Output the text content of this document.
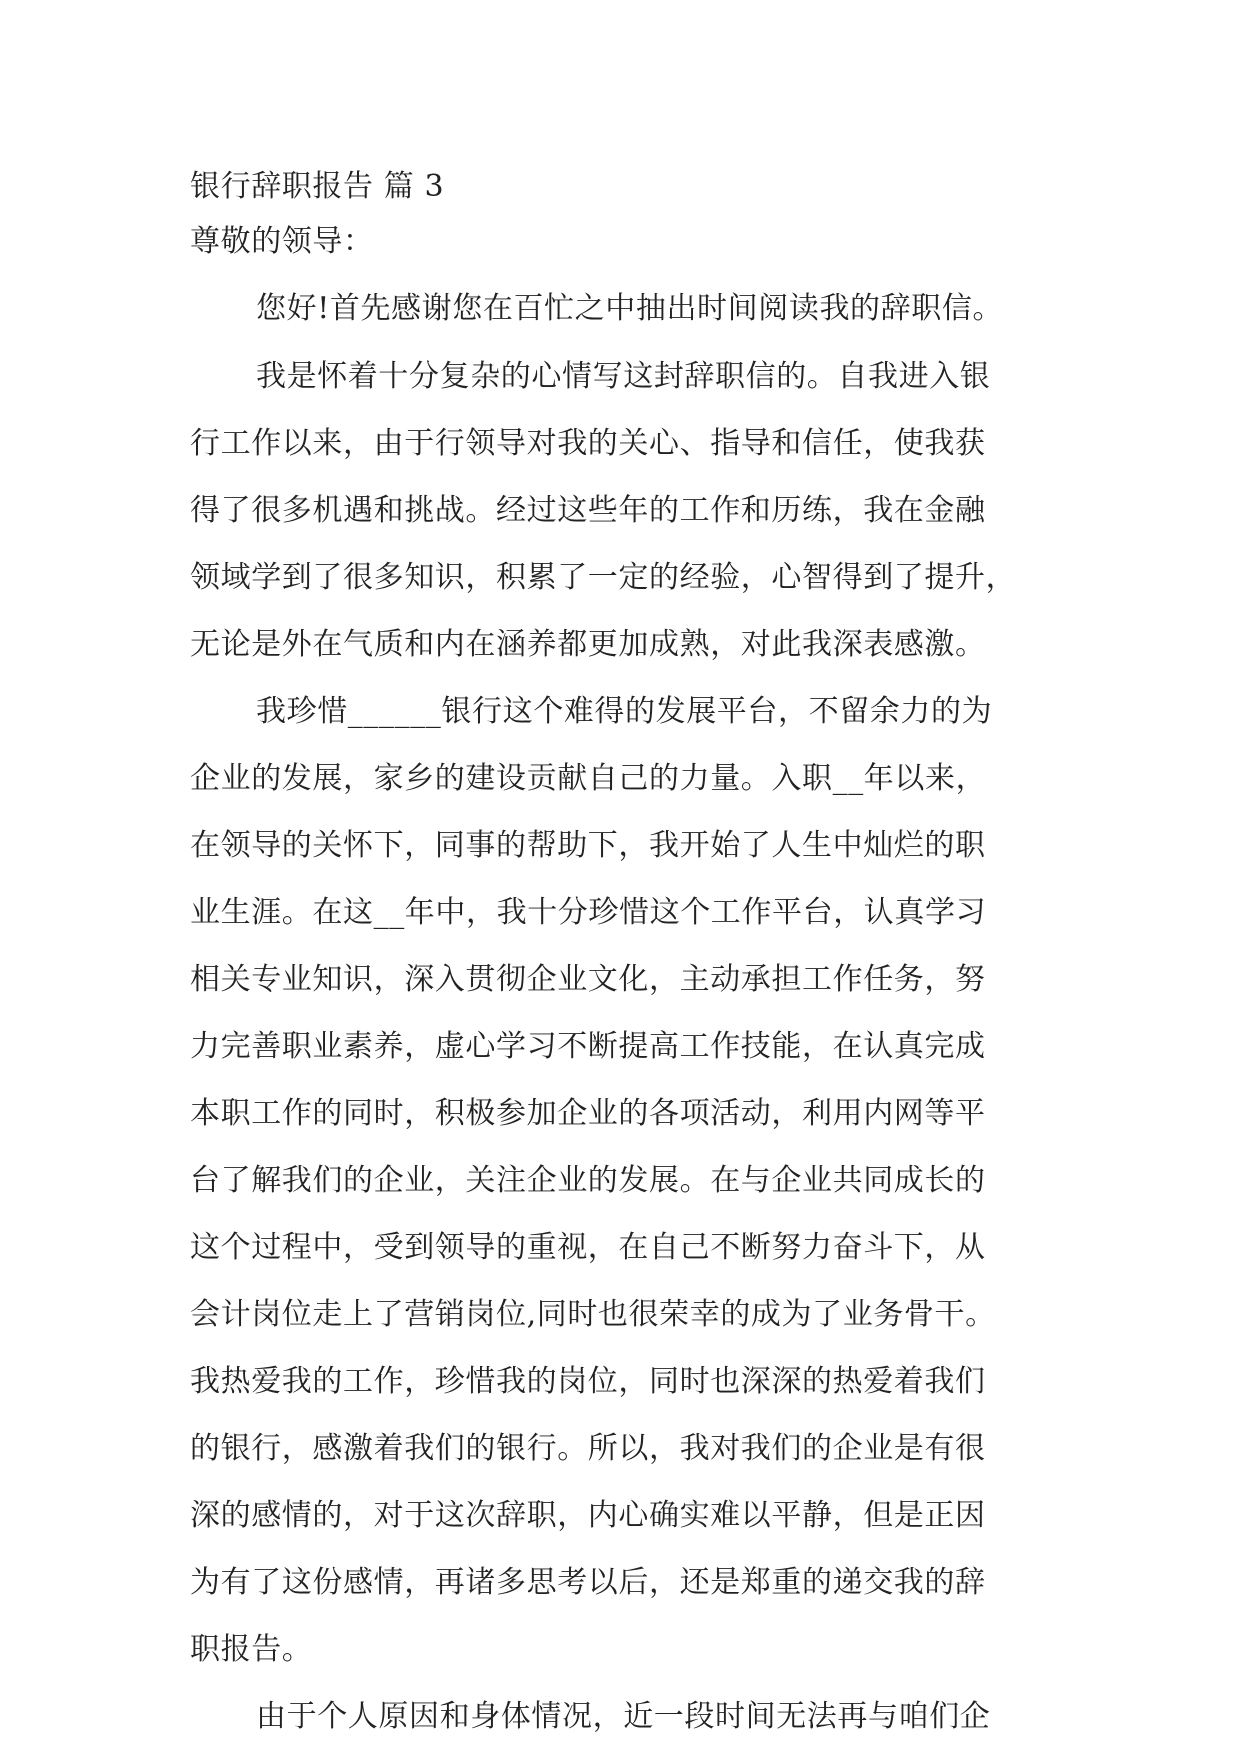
银行辞职报告 篇 3
尊敬的领导：
您好!首先感谢您在百忙之中抽出时间阅读我的辞职信。
我是怀着十分复杂的心情写这封辞职信的。自我进入银
行工作以来，由于行领导对我的关心、指导和信任，使我获
得了很多机遇和挑战。经过这些年的工作和历练，我在金融
领域学到了很多知识，积累了一定的经验，心智得到了提升，
无论是外在气质和内在涵养都更加成熟，对此我深表感激。
我珍惜______银行这个难得的发展平台，不留余力的为
企业的发展，家乡的建设贡献自己的力量。入职__年以来，
在领导的关怀下，同事的帮助下，我开始了人生中灿烂的职
业生涯。在这__年中，我十分珍惜这个工作平台，认真学习
相关专业知识，深入贯彻企业文化，主动承担工作任务，努
力完善职业素养，虚心学习不断提高工作技能，在认真完成
本职工作的同时，积极参加企业的各项活动，利用内网等平
台了解我们的企业，关注企业的发展。在与企业共同成长的
这个过程中，受到领导的重视，在自己不断努力奋斗下，从
会计岗位走上了营销岗位,同时也很荣幸的成为了业务骨干。
我热爱我的工作，珍惜我的岗位，同时也深深的热爱着我们
的银行，感激着我们的银行。所以，我对我们的企业是有很
深的感情的，对于这次辞职，内心确实难以平静，但是正因
为有了这份感情，再诸多思考以后，还是郑重的递交我的辞
职报告。
由于个人原因和身体情况，近一段时间无法再与咱们企
